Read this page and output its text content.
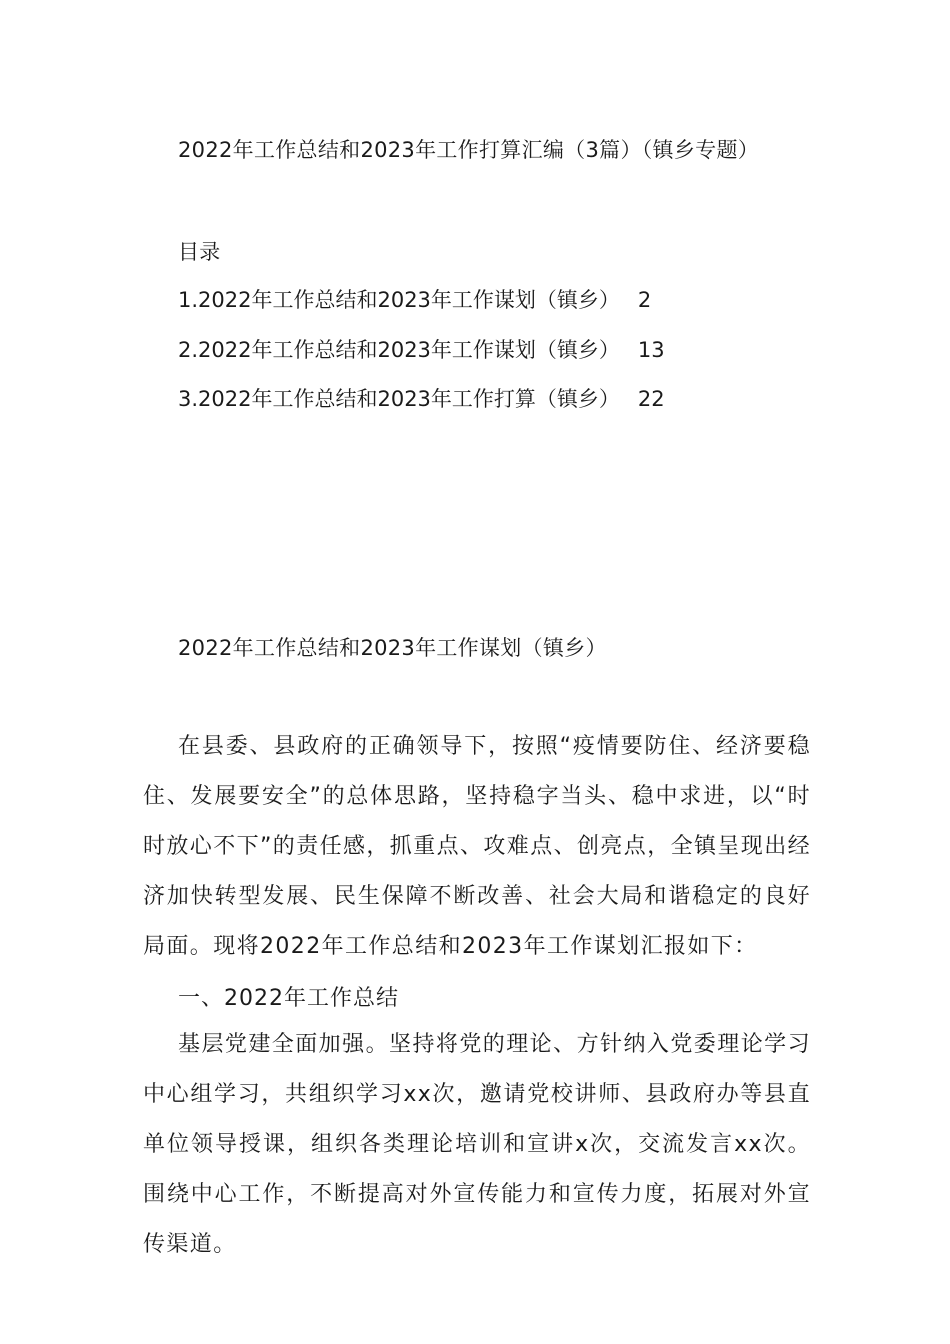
2022年工作总结和2023年工作打算汇编（3篇）（镇乡专题）
目录
1.2022年工作总结和2023年工作谋划（镇乡） 2
2.2022年工作总结和2023年工作谋划（镇乡） 13
3.2022年工作总结和2023年工作打算（镇乡） 22
2022年工作总结和2023年工作谋划（镇乡）
在县委、县政府的正确领导下，按照“疫情要防住、经济要稳住、发展要安全”的总体思路，坚持稳字当头、稳中求进，以“时时放心不下”的责任感，抓重点、攻难点、创亮点，全镇呈现出经济加快转型发展、民生保障不断改善、社会大局和谐稳定的良好局面。现将2022年工作总结和2023年工作谋划汇报如下：
一、2022年工作总结
基层党建全面加强。坚持将党的理论、方针纳入党委理论学习中心组学习，共组织学习xx次，邀请党校讲师、县政府办等县直单位领导授课，组织各类理论培训和宣讲x次，交流发言xx次。围绕中心工作，不断提高对外宣传能力和宣传力度，拓展对外宣传渠道。
